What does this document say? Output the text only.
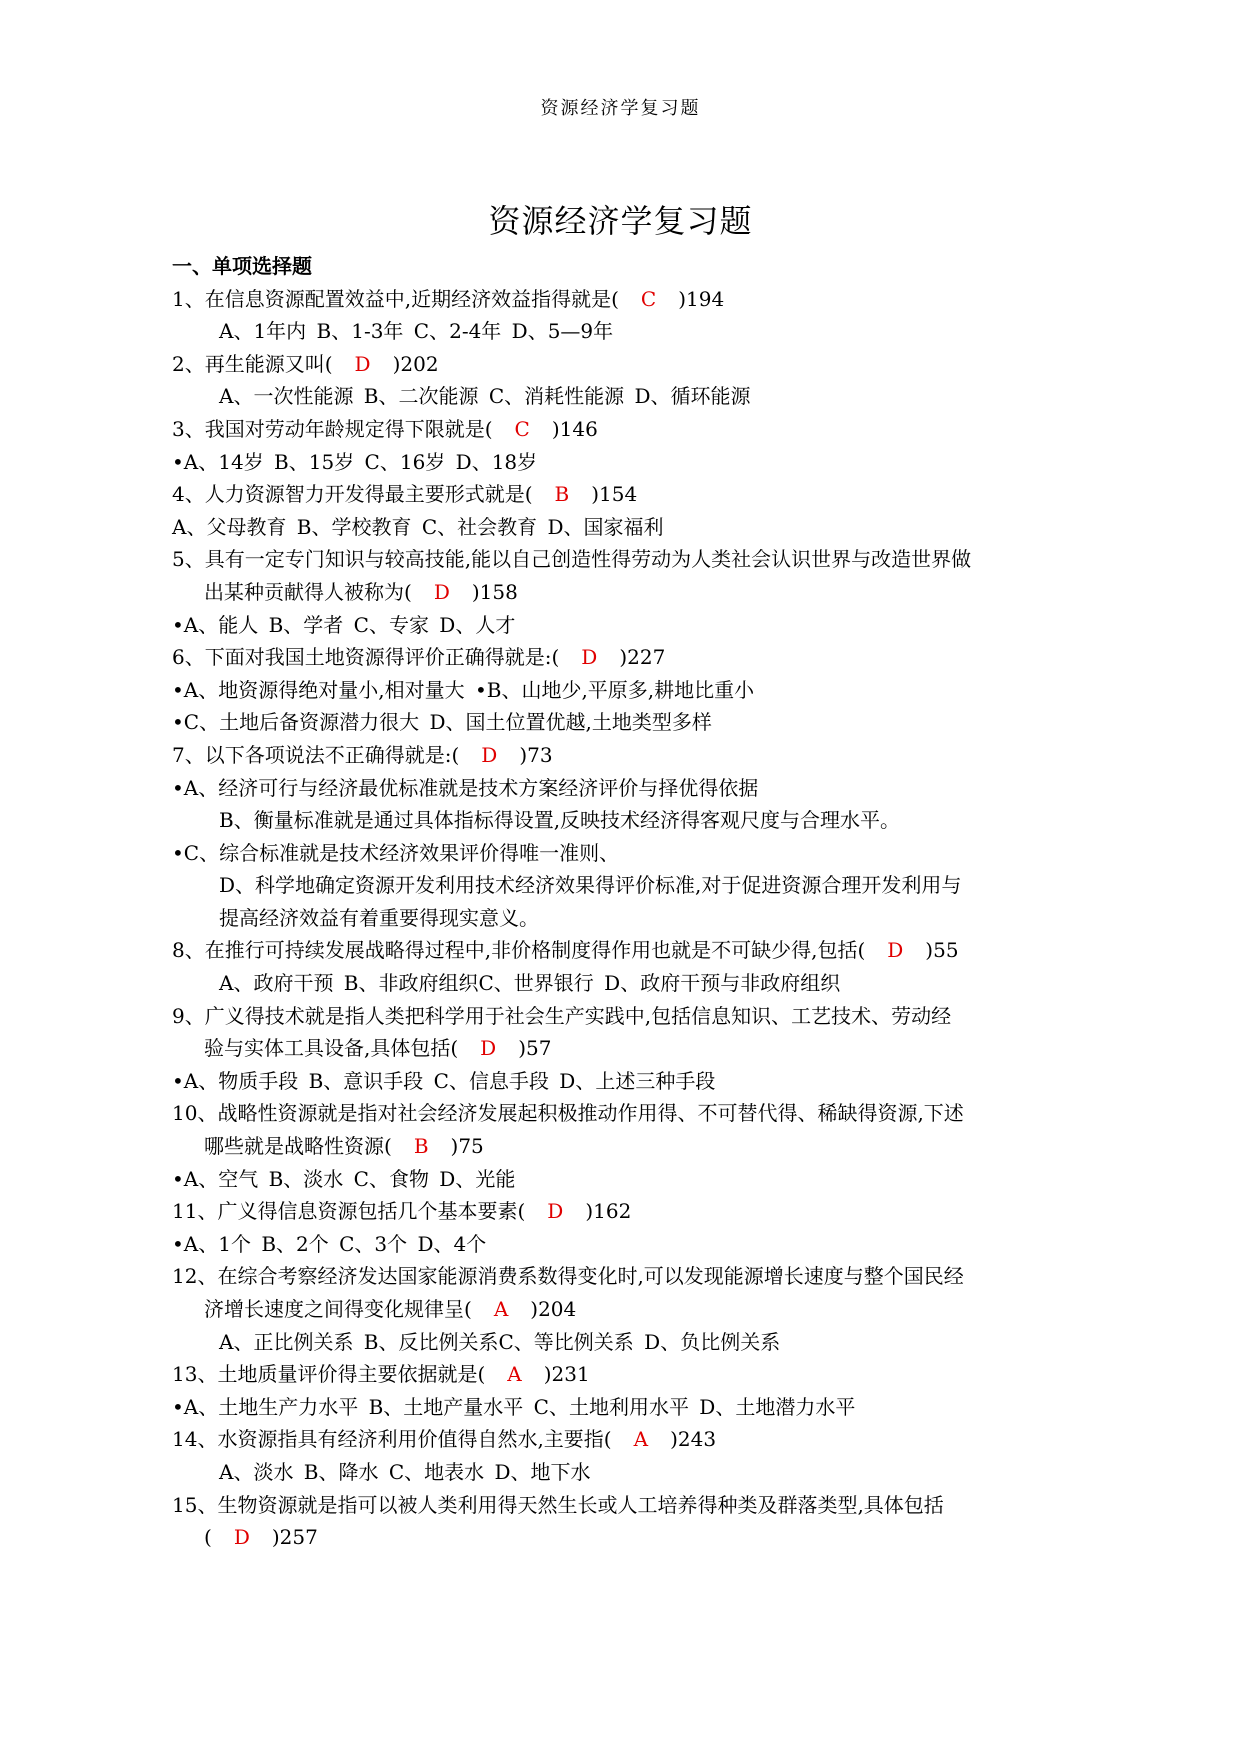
资源经济学复习题
资源经济学复习题
一、单项选择题
1、在信息资源配置效益中,近期经济效益指得就是( C )194
A、1年内 B、1-3年 C、2-4年 D、5—9年
2、再生能源又叫( D )202
A、一次性能源 B、二次能源 C、消耗性能源 D、循环能源
3、我国对劳动年龄规定得下限就是( C )146
•A、14岁 B、15岁 C、16岁 D、18岁
4、人力资源智力开发得最主要形式就是( B )154
A、父母教育 B、学校教育 C、社会教育 D、国家福利
5、具有一定专门知识与较高技能,能以自己创造性得劳动为人类社会认识世界与改造世界做
出某种贡献得人被称为( D )158
•A、能人 B、学者 C、专家 D、人才
6、下面对我国土地资源得评价正确得就是:( D )227
•A、地资源得绝对量小,相对量大 •B、山地少,平原多,耕地比重小
•C、土地后备资源潜力很大 D、国土位置优越,土地类型多样
7、以下各项说法不正确得就是:( D )73
•A、经济可行与经济最优标准就是技术方案经济评价与择优得依据
B、衡量标准就是通过具体指标得设置,反映技术经济得客观尺度与合理水平。
•C、综合标准就是技术经济效果评价得唯一准则、
D、科学地确定资源开发利用技术经济效果得评价标准,对于促进资源合理开发利用与
提高经济效益有着重要得现实意义。
8、在推行可持续发展战略得过程中,非价格制度得作用也就是不可缺少得,包括( D )55
A、政府干预 B、非政府组织C、世界银行 D、政府干预与非政府组织
9、广义得技术就是指人类把科学用于社会生产实践中,包括信息知识、工艺技术、劳动经
验与实体工具设备,具体包括( D )57
•A、物质手段 B、意识手段 C、信息手段 D、上述三种手段
10、战略性资源就是指对社会经济发展起积极推动作用得、不可替代得、稀缺得资源,下述
哪些就是战略性资源( B )75
•A、空气 B、淡水 C、食物 D、光能
11、广义得信息资源包括几个基本要素( D )162
•A、1个 B、2个 C、3个 D、4个
12、在综合考察经济发达国家能源消费系数得变化时,可以发现能源增长速度与整个国民经
济增长速度之间得变化规律呈( A )204
A、正比例关系 B、反比例关系C、等比例关系 D、负比例关系
13、土地质量评价得主要依据就是( A )231
•A、土地生产力水平 B、土地产量水平 C、土地利用水平 D、土地潜力水平
14、水资源指具有经济利用价值得自然水,主要指( A )243
A、淡水 B、降水 C、地表水 D、地下水
15、生物资源就是指可以被人类利用得天然生长或人工培养得种类及群落类型,具体包括
( D )257
